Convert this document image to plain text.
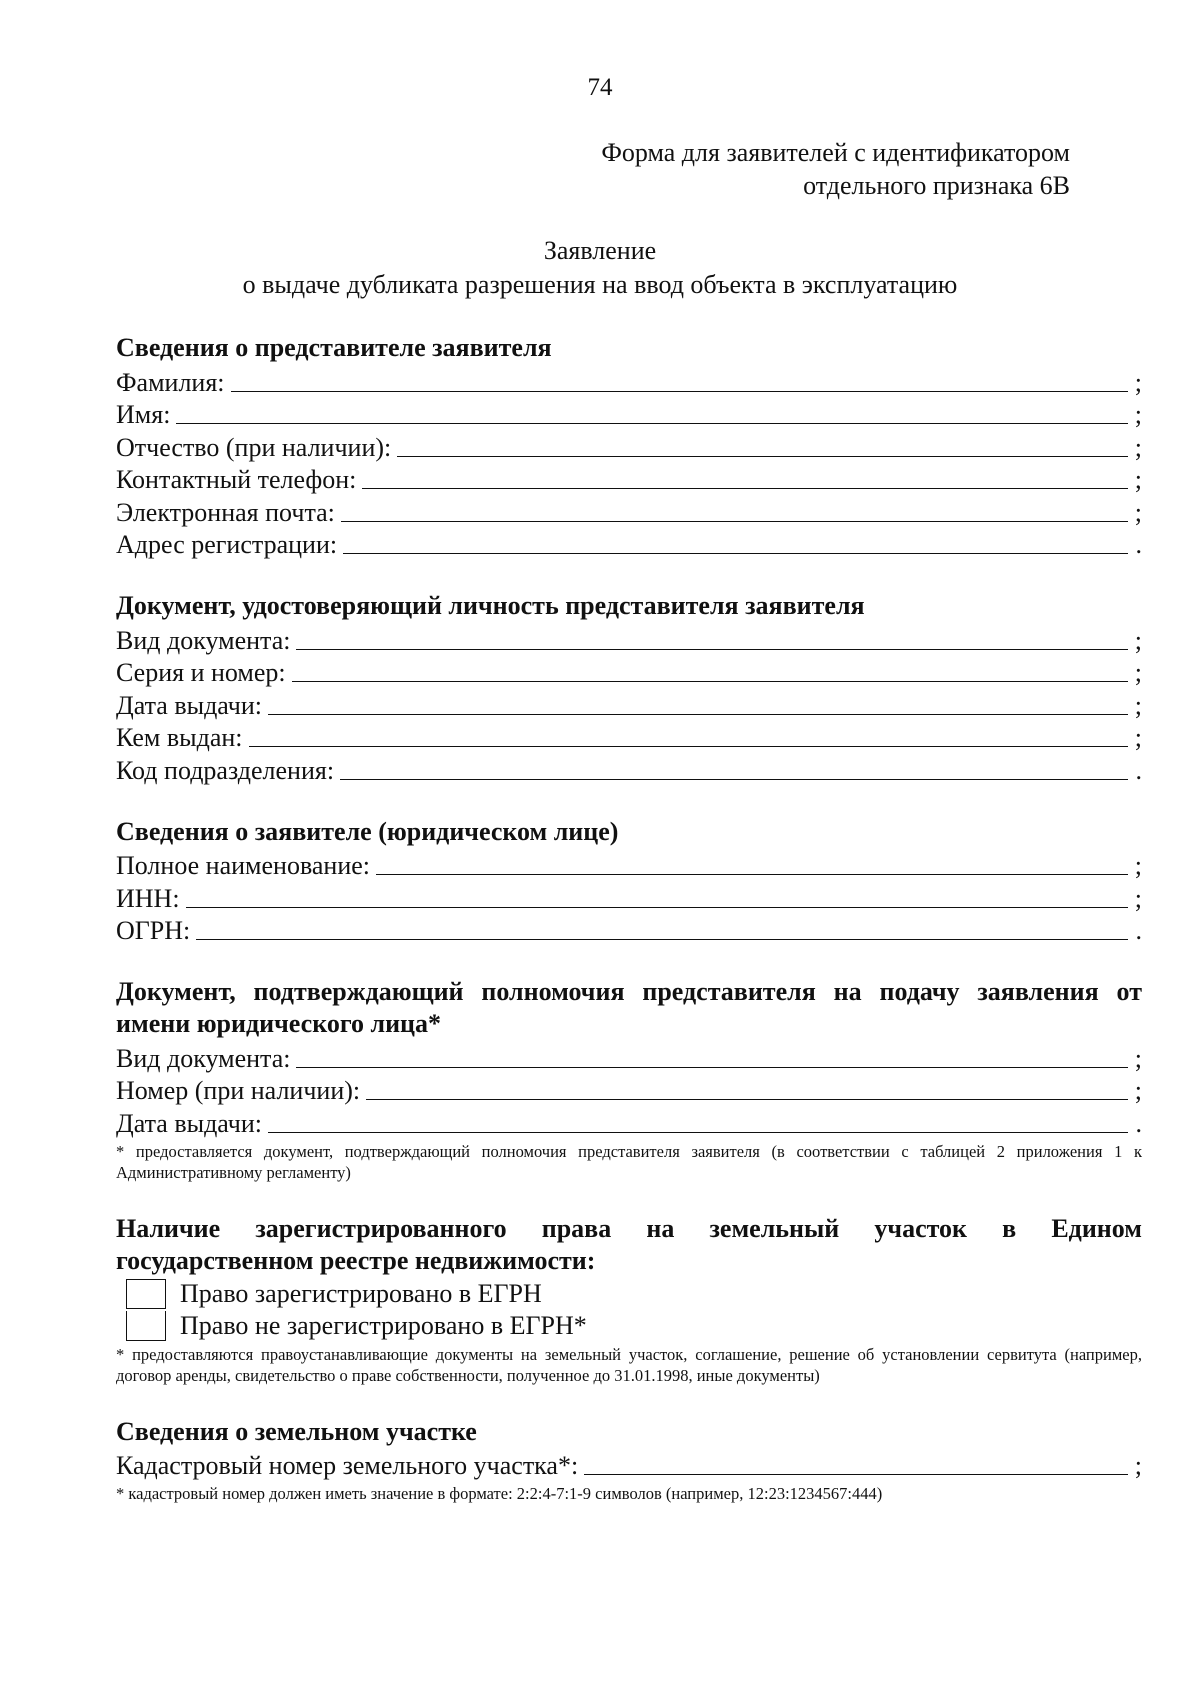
74
Форма для заявителей с идентификатором
отдельного признака 6В
Заявление
о выдаче дубликата разрешения на ввод объекта в эксплуатацию
Сведения о представителе заявителя
Фамилия:	;
Имя:	;
Отчество (при наличии):	;
Контактный телефон:	;
Электронная почта:	;
Адрес регистрации:	.
Документ, удостоверяющий личность представителя заявителя
Вид документа:	;
Серия и номер:	;
Дата выдачи:	;
Кем выдан:	;
Код подразделения:	.
Сведения о заявителе (юридическом лице)
Полное наименование:	;
ИНН:	;
ОГРН:	.
Документ, подтверждающий полномочия представителя на подачу заявления от имени юридического лица*
Вид документа:	;
Номер (при наличии):	;
Дата выдачи:	.
* предоставляется документ, подтверждающий полномочия представителя заявителя (в соответствии с таблицей 2 приложения 1 к Административному регламенту)
Наличие зарегистрированного права на земельный участок в Едином государственном реестре недвижимости:
Право зарегистрировано в ЕГРН
Право не зарегистрировано в ЕГРН*
* предоставляются правоустанавливающие документы на земельный участок, соглашение, решение об установлении сервитута (например, договор аренды, свидетельство о праве собственности, полученное до 31.01.1998, иные документы)
Сведения о земельном участке
Кадастровый номер земельного участка*:	;
* кадастровый номер должен иметь значение в формате: 2:2:4-7:1-9 символов (например, 12:23:1234567:444)
